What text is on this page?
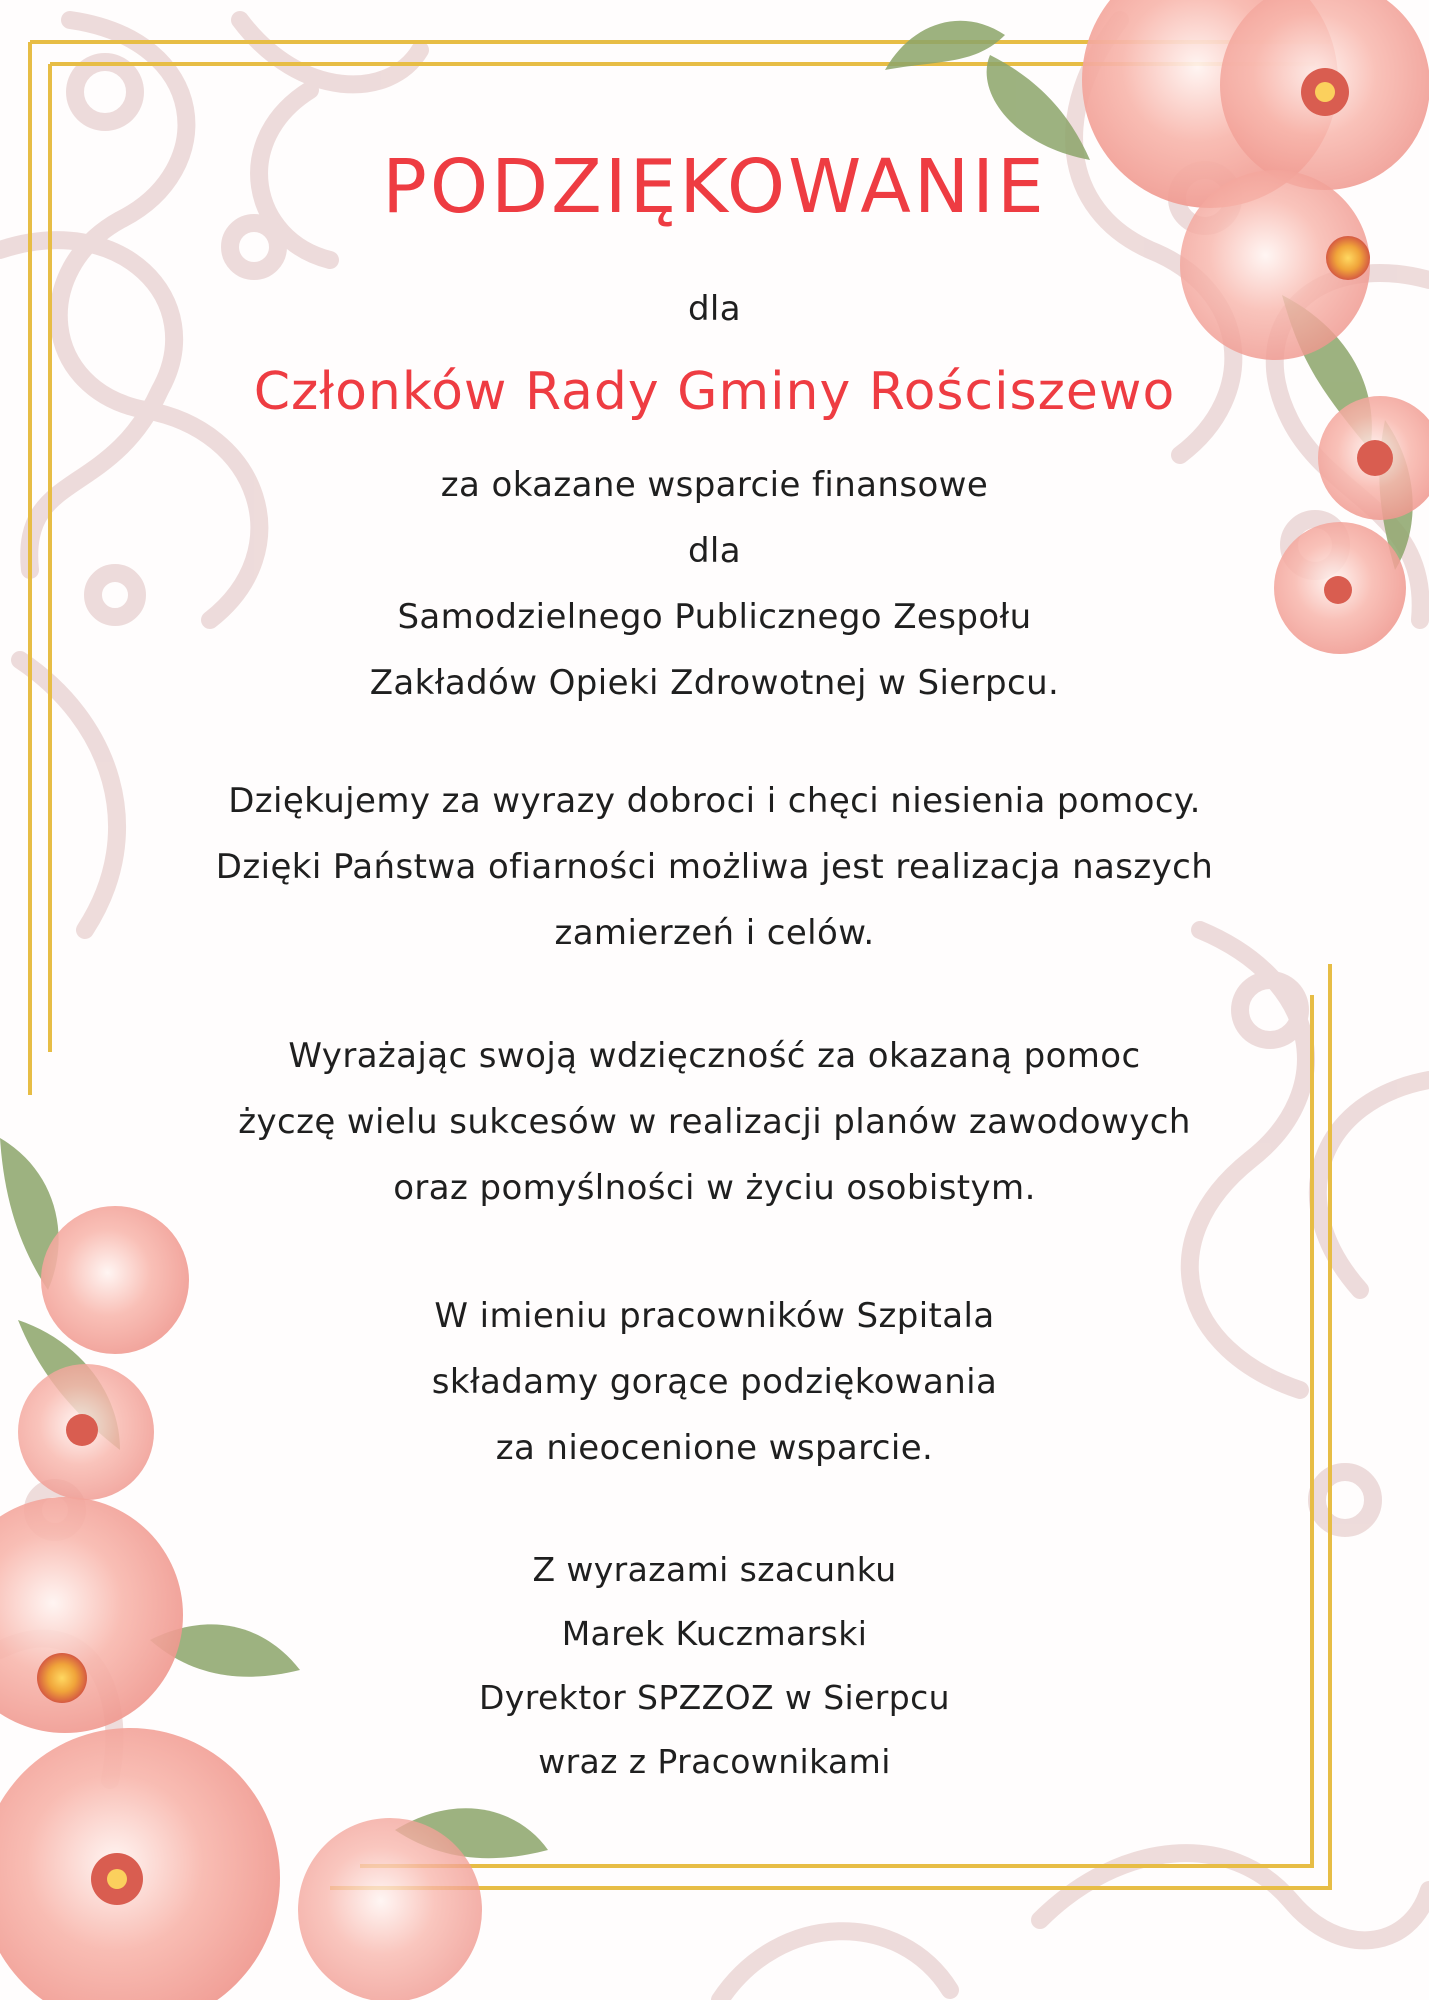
PODZIĘKOWANIE
dla
Członków Rady Gminy Rościszewo
za okazane wsparcie finansowe
dla
Samodzielnego Publicznego Zespołu
Zakładów Opieki Zdrowotnej w Sierpcu.
Dziękujemy za wyrazy dobroci i chęci niesienia pomocy.
Dzięki Państwa ofiarności możliwa jest realizacja naszych
zamierzeń i celów.
Wyrażając swoją wdzięczność za okazaną pomoc
życzę wielu sukcesów w realizacji planów zawodowych
oraz pomyślności w życiu osobistym.
W imieniu pracowników Szpitala
składamy gorące podziękowania
za nieocenione wsparcie.
Z wyrazami szacunku
Marek Kuczmarski
Dyrektor SPZZOZ w Sierpcu
wraz z Pracownikami
